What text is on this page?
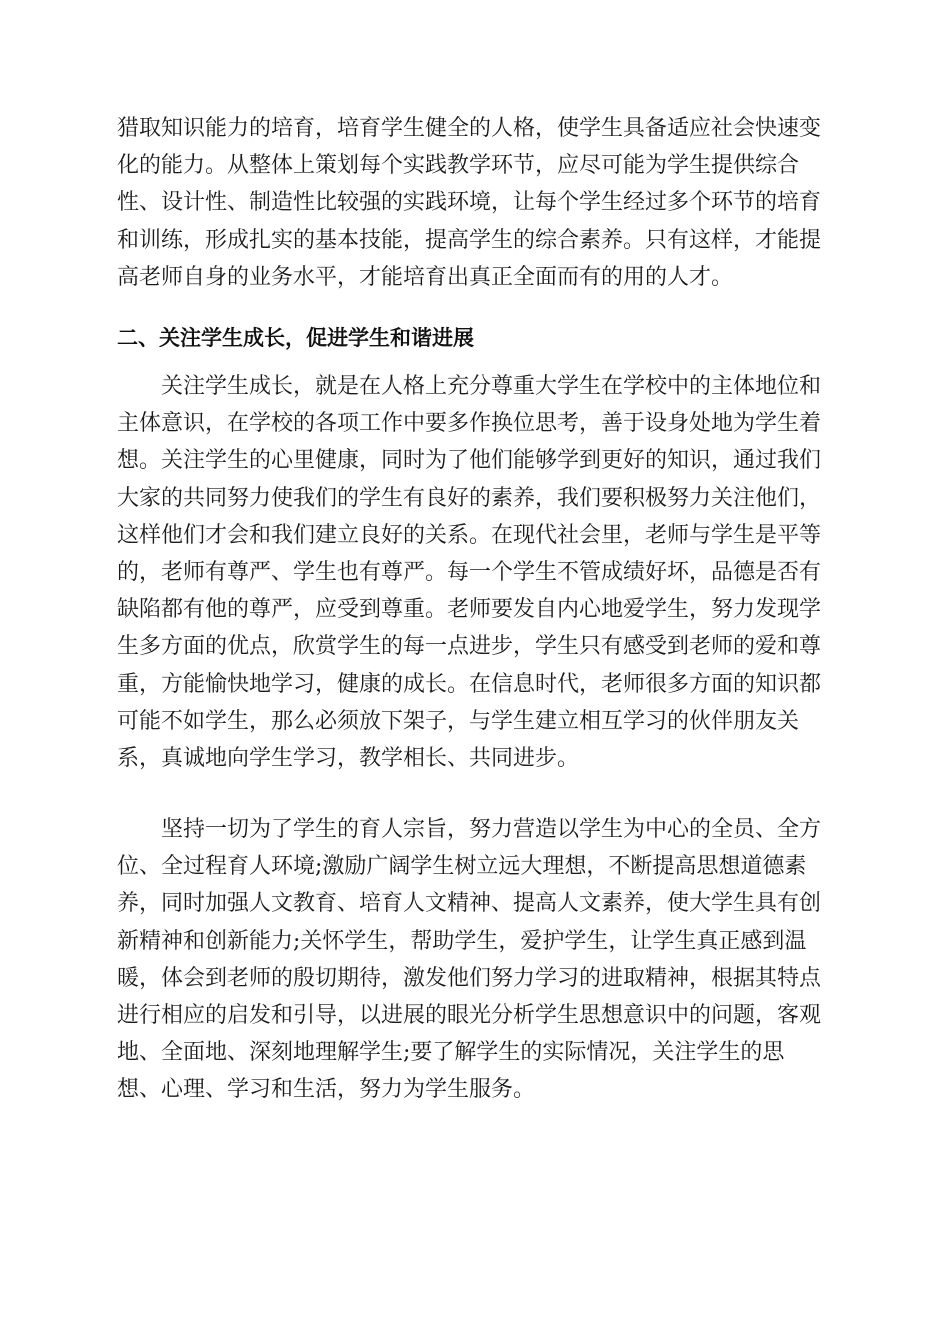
猎取知识能力的培育，培育学生健全的人格，使学生具备适应社会快速变
化的能力。从整体上策划每个实践教学环节，应尽可能为学生提供综合
性、设计性、制造性比较强的实践环境，让每个学生经过多个环节的培育
和训练，形成扎实的基本技能，提高学生的综合素养。只有这样，才能提
高老师自身的业务水平，才能培育出真正全面而有的用的人才。

二、关注学生成长，促进学生和谐进展

关注学生成长，就是在人格上充分尊重大学生在学校中的主体地位和
主体意识，在学校的各项工作中要多作换位思考，善于设身处地为学生着
想。关注学生的心里健康，同时为了他们能够学到更好的知识，通过我们
大家的共同努力使我们的学生有良好的素养，我们要积极努力关注他们，
这样他们才会和我们建立良好的关系。在现代社会里，老师与学生是平等
的，老师有尊严、学生也有尊严。每一个学生不管成绩好坏，品德是否有
缺陷都有他的尊严，应受到尊重。老师要发自内心地爱学生，努力发现学
生多方面的优点，欣赏学生的每一点进步，学生只有感受到老师的爱和尊
重，方能愉快地学习，健康的成长。在信息时代，老师很多方面的知识都
可能不如学生，那么必须放下架子，与学生建立相互学习的伙伴朋友关
系，真诚地向学生学习，教学相长、共同进步。

坚持一切为了学生的育人宗旨，努力营造以学生为中心的全员、全方
位、全过程育人环境;激励广阔学生树立远大理想，不断提高思想道德素
养，同时加强人文教育、培育人文精神、提高人文素养，使大学生具有创
新精神和创新能力;关怀学生，帮助学生，爱护学生，让学生真正感到温
暖，体会到老师的殷切期待，激发他们努力学习的进取精神，根据其特点
进行相应的启发和引导，以进展的眼光分析学生思想意识中的问题，客观
地、全面地、深刻地理解学生;要了解学生的实际情况，关注学生的思
想、心理、学习和生活，努力为学生服务。
